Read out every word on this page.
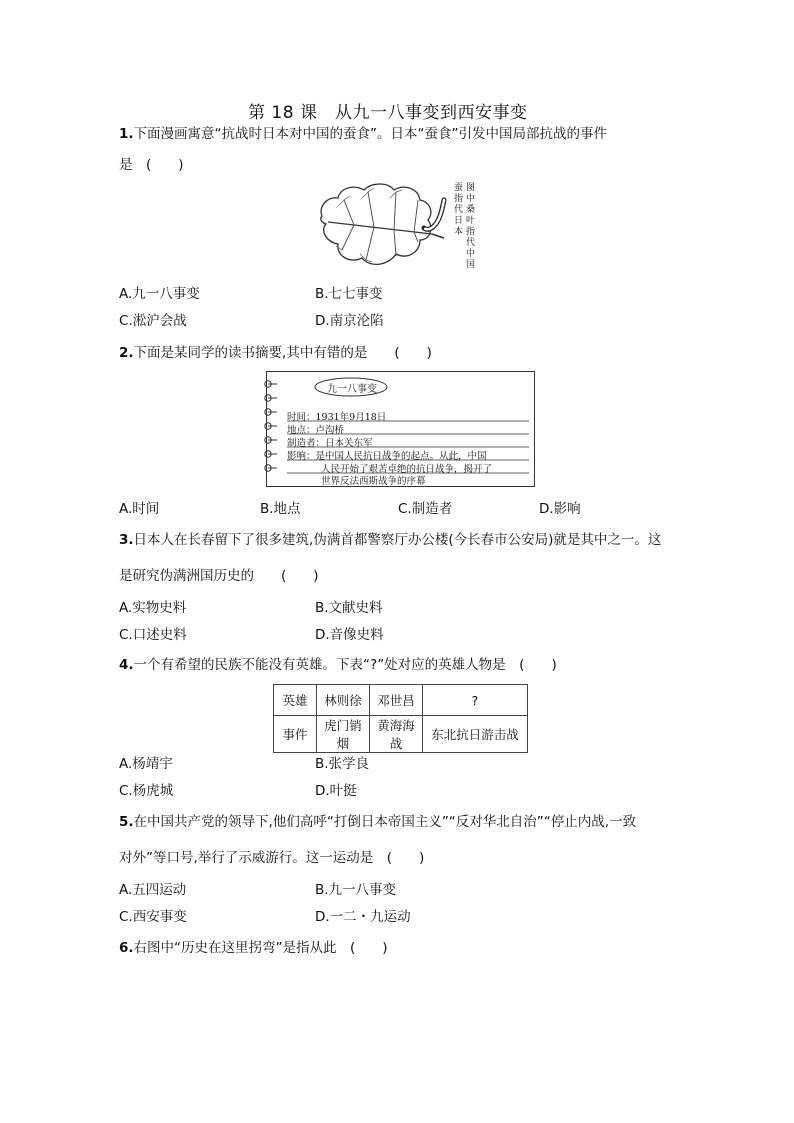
第 18 课　从九一八事变到西安事变
1.下面漫画寓意“抗战时日本对中国的蚕食”。日本“蚕食”引发中国局部抗战的事件
是　(　　)
图中桑叶指代中国
蚕指代日本
A.九一八事变	B.七七事变
C.淞沪会战	D.南京沦陷
2.下面是某同学的读书摘要,其中有错的是　　(　　)
九一八事变
时间：1931年9月18日
地点：卢沟桥
制造者：日本关东军
影响：是中国人民抗日战争的起点。从此，中国
人民开始了艰苦卓绝的抗日战争，揭开了
世界反法西斯战争的序幕
A.时间	B.地点	C.制造者	D.影响
3.日本人在长春留下了很多建筑,伪满首都警察厅办公楼(今长春市公安局)就是其中之一。这
是研究伪满洲国历史的　　(　　)
A.实物史料	B.文献史料
C.口述史料	D.音像史料
4.一个有希望的民族不能没有英雄。下表“?”处对应的英雄人物是　(　　)
英雄	林则徐	邓世昌	?
事件	虎门销烟	黄海海战	东北抗日游击战
A.杨靖宇	B.张学良
C.杨虎城	D.叶挺
5.在中国共产党的领导下,他们高呼“打倒日本帝国主义”“反对华北自治”“停止内战,一致
对外”等口号,举行了示威游行。这一运动是　(　　)
A.五四运动	B.九一八事变
C.西安事变	D.一二・九运动
6.右图中“历史在这里拐弯”是指从此　(　　)
